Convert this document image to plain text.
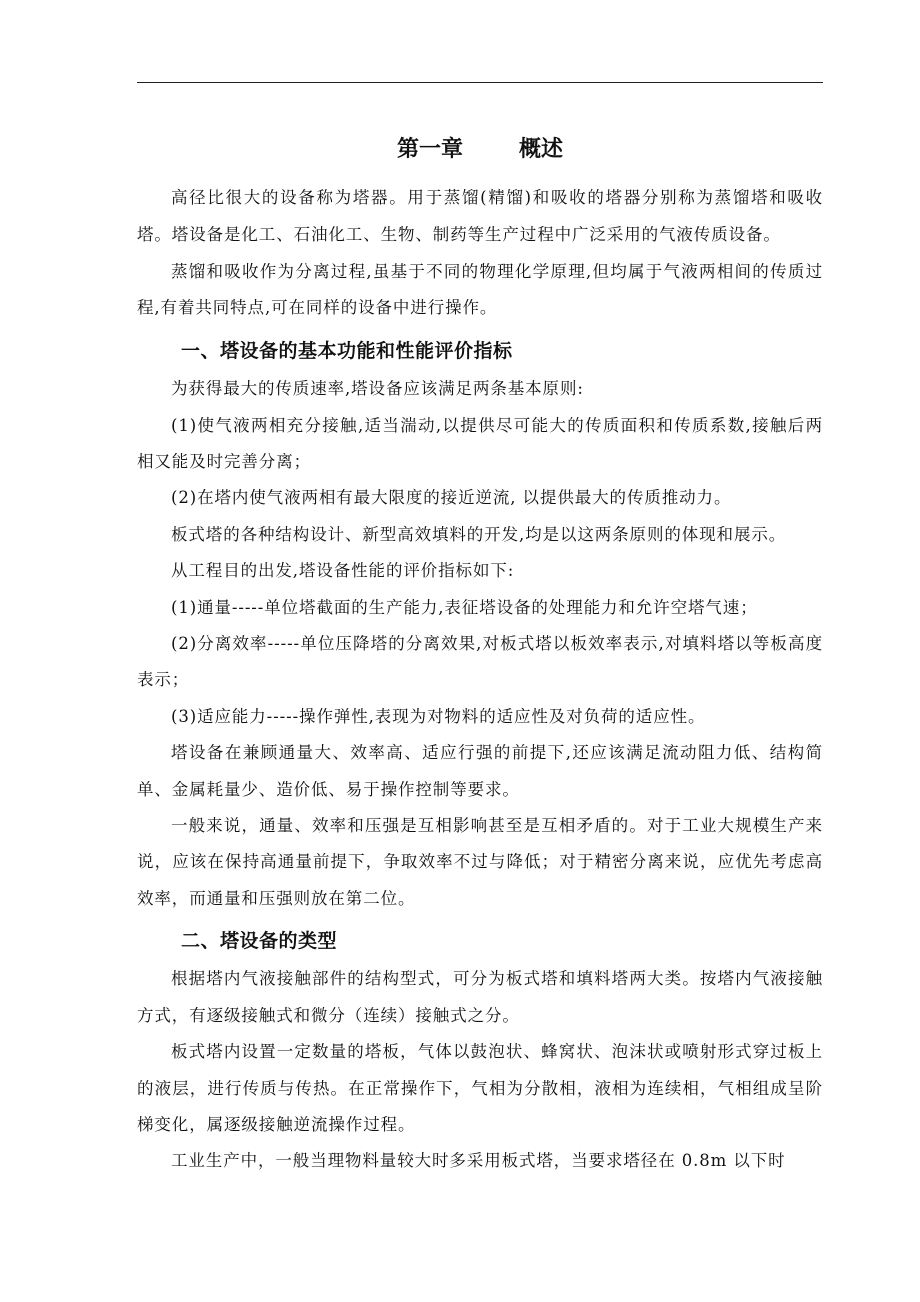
第一章	概述

高径比很大的设备称为塔器。用于蒸馏(精馏)和吸收的塔器分别称为蒸馏塔和吸收塔。塔设备是化工、石油化工、生物、制药等生产过程中广泛采用的气液传质设备。

蒸馏和吸收作为分离过程,虽基于不同的物理化学原理,但均属于气液两相间的传质过程,有着共同特点,可在同样的设备中进行操作。

一、塔设备的基本功能和性能评价指标

为获得最大的传质速率,塔设备应该满足两条基本原则:

(1)使气液两相充分接触,适当湍动,以提供尽可能大的传质面积和传质系数,接触后两相又能及时完善分离；

(2)在塔内使气液两相有最大限度的接近逆流, 以提供最大的传质推动力。

板式塔的各种结构设计、新型高效填料的开发,均是以这两条原则的体现和展示。

从工程目的出发,塔设备性能的评价指标如下:

(1)通量-----单位塔截面的生产能力,表征塔设备的处理能力和允许空塔气速；

(2)分离效率-----单位压降塔的分离效果,对板式塔以板效率表示,对填料塔以等板高度表示；

(3)适应能力-----操作弹性,表现为对物料的适应性及对负荷的适应性。

塔设备在兼顾通量大、效率高、适应行强的前提下,还应该满足流动阻力低、结构简单、金属耗量少、造价低、易于操作控制等要求。

一般来说，通量、效率和压强是互相影响甚至是互相矛盾的。对于工业大规模生产来说，应该在保持高通量前提下，争取效率不过与降低；对于精密分离来说，应优先考虑高效率，而通量和压强则放在第二位。

二、塔设备的类型

根据塔内气液接触部件的结构型式，可分为板式塔和填料塔两大类。按塔内气液接触方式，有逐级接触式和微分（连续）接触式之分。

板式塔内设置一定数量的塔板，气体以鼓泡状、蜂窝状、泡沫状或喷射形式穿过板上的液层，进行传质与传热。在正常操作下，气相为分散相，液相为连续相，气相组成呈阶梯变化，属逐级接触逆流操作过程。

工业生产中，一般当理物料量较大时多采用板式塔，当要求塔径在 0.8m 以下时
